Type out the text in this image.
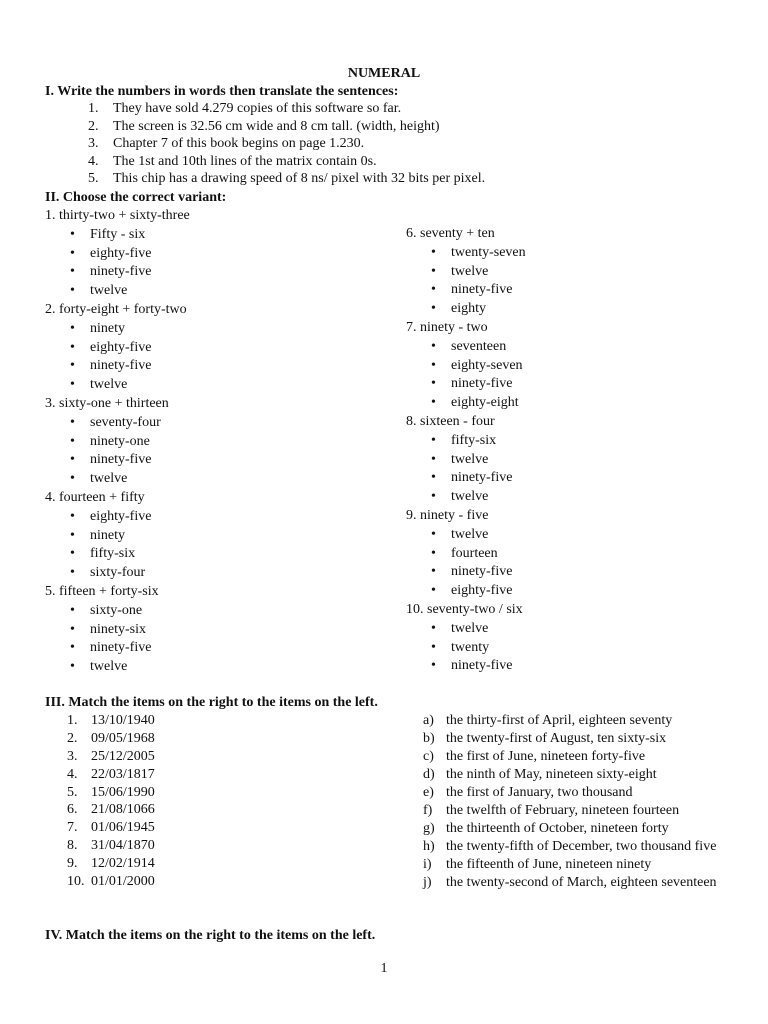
NUMERAL
I. Write the numbers in words then translate the sentences:
1. They have sold 4.279 copies of this software so far.
2. The screen is 32.56 cm wide and 8 cm tall. (width, height)
3. Chapter 7 of this book begins on page 1.230.
4. The 1st and 10th lines of the matrix contain 0s.
5. This chip has a drawing speed of 8 ns/ pixel with 32 bits per pixel.
II. Choose the correct variant:
1. thirty-two + sixty-three
• Fifty - six
• eighty-five
• ninety-five
• twelve
2. forty-eight + forty-two
• ninety
• eighty-five
• ninety-five
• twelve
3. sixty-one + thirteen
• seventy-four
• ninety-one
• ninety-five
• twelve
4. fourteen + fifty
• eighty-five
• ninety
• fifty-six
• sixty-four
5. fifteen + forty-six
• sixty-one
• ninety-six
• ninety-five
• twelve
6. seventy + ten
• twenty-seven
• twelve
• ninety-five
• eighty
7. ninety - two
• seventeen
• eighty-seven
• ninety-five
• eighty-eight
8. sixteen - four
• fifty-six
• twelve
• ninety-five
• twelve
9. ninety - five
• twelve
• fourteen
• ninety-five
• eighty-five
10. seventy-two / six
• twelve
• twenty
• ninety-five
III. Match the items on the right to the items on the left.
1. 13/10/1940
2. 09/05/1968
3. 25/12/2005
4. 22/03/1817
5. 15/06/1990
6. 21/08/1066
7. 01/06/1945
8. 31/04/1870
9. 12/02/1914
10. 01/01/2000
a) the thirty-first of April, eighteen seventy
b) the twenty-first of August, ten sixty-six
c) the first of June, nineteen forty-five
d) the ninth of May, nineteen sixty-eight
e) the first of January, two thousand
f) the twelfth of February, nineteen fourteen
g) the thirteenth of October, nineteen forty
h) the twenty-fifth of December, two thousand five
i) the fifteenth of June, nineteen ninety
j) the twenty-second of March, eighteen seventeen
IV. Match the items on the right to the items on the left.
1
